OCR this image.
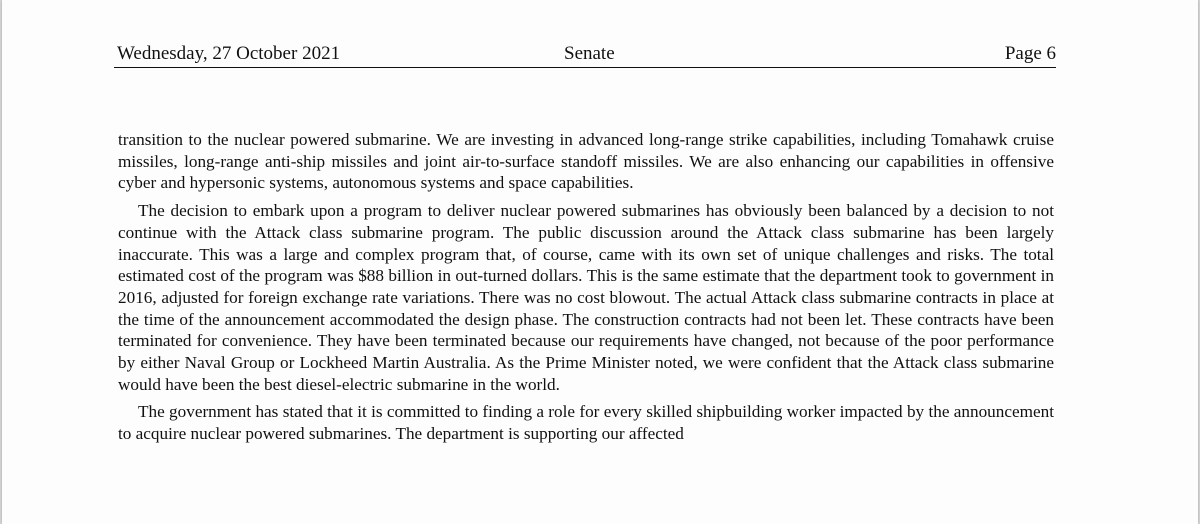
Wednesday, 27 October 2021	Senate	Page 6

transition to the nuclear powered submarine. We are investing in advanced long-range strike capabilities, including Tomahawk cruise missiles, long-range anti-ship missiles and joint air-to-surface standoff missiles. We are also enhancing our capabilities in offensive cyber and hypersonic systems, autonomous systems and space capabilities.

The decision to embark upon a program to deliver nuclear powered submarines has obviously been balanced by a decision to not continue with the Attack class submarine program. The public discussion around the Attack class submarine has been largely inaccurate. This was a large and complex program that, of course, came with its own set of unique challenges and risks. The total estimated cost of the program was $88 billion in out-turned dollars. This is the same estimate that the department took to government in 2016, adjusted for foreign exchange rate variations. There was no cost blowout. The actual Attack class submarine contracts in place at the time of the announcement accommodated the design phase. The construction contracts had not been let. These contracts have been terminated for convenience. They have been terminated because our requirements have changed, not because of the poor performance by either Naval Group or Lockheed Martin Australia. As the Prime Minister noted, we were confident that the Attack class submarine would have been the best diesel-electric submarine in the world.

The government has stated that it is committed to finding a role for every skilled shipbuilding worker impacted by the announcement to acquire nuclear powered submarines. The department is supporting our affected
